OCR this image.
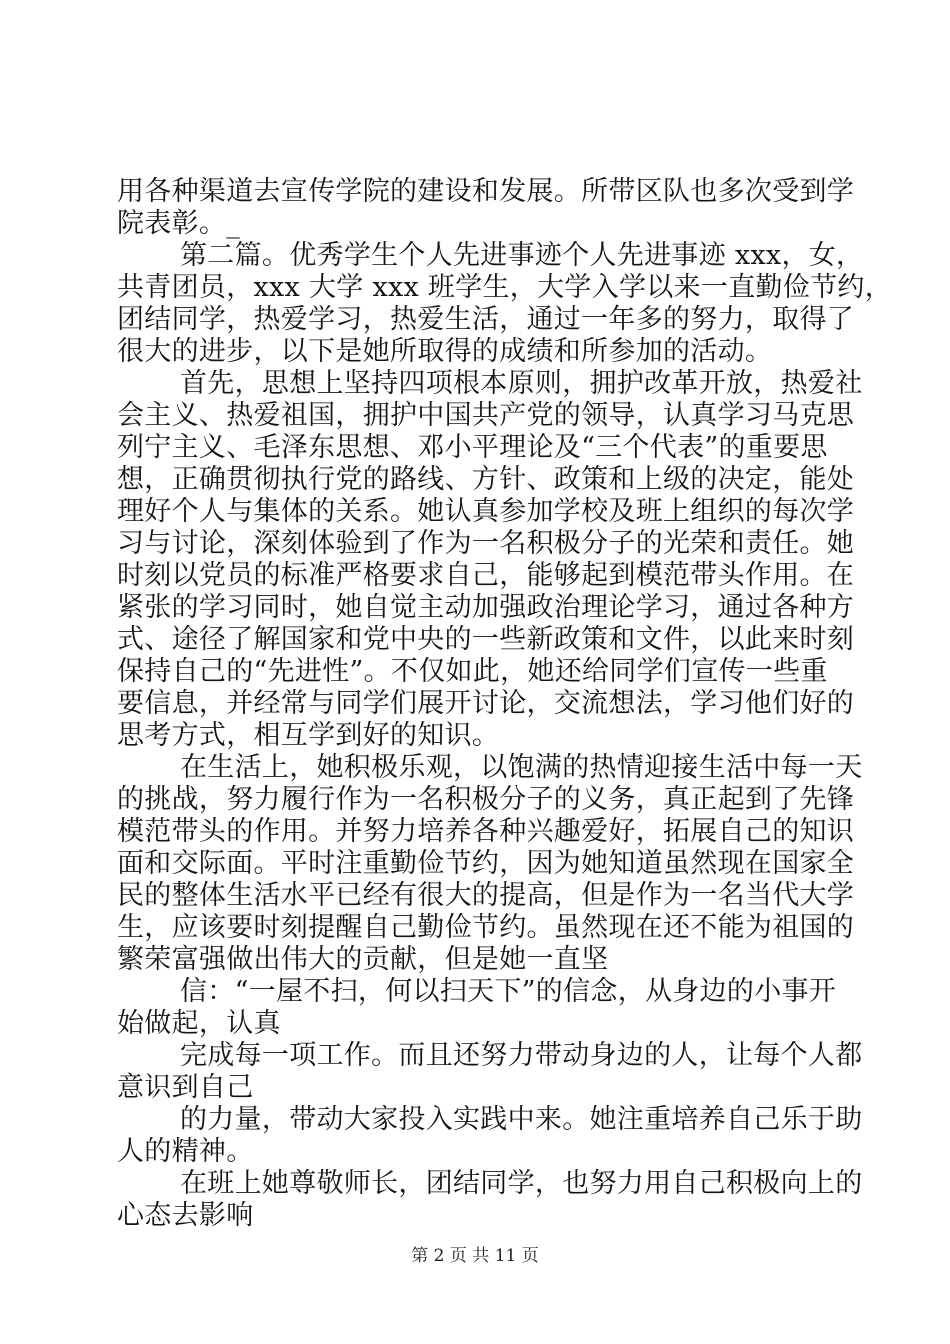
用各种渠道去宣传学院的建设和发展。所带区队也多次受到学
院表彰。_
第二篇。优秀学生个人先进事迹个人先进事迹 xxx，女，
共青团员，xxx 大学 xxx 班学生，大学入学以来一直勤俭节约，
团结同学，热爱学习，热爱生活，通过一年多的努力，取得了
很大的进步，以下是她所取得的成绩和所参加的活动。
首先，思想上坚持四项根本原则，拥护改革开放，热爱社
会主义、热爱祖国，拥护中国共产党的领导，认真学习马克思
列宁主义、毛泽东思想、邓小平理论及“三个代表”的重要思
想，正确贯彻执行党的路线、方针、政策和上级的决定，能处
理好个人与集体的关系。她认真参加学校及班上组织的每次学
习与讨论，深刻体验到了作为一名积极分子的光荣和责任。她
时刻以党员的标准严格要求自己，能够起到模范带头作用。在
紧张的学习同时，她自觉主动加强政治理论学习，通过各种方
式、途径了解国家和党中央的一些新政策和文件，以此来时刻
保持自己的“先进性”。不仅如此，她还给同学们宣传一些重
要信息，并经常与同学们展开讨论，交流想法，学习他们好的
思考方式，相互学到好的知识。
在生活上，她积极乐观，以饱满的热情迎接生活中每一天
的挑战，努力履行作为一名积极分子的义务，真正起到了先锋
模范带头的作用。并努力培养各种兴趣爱好，拓展自己的知识
面和交际面。平时注重勤俭节约，因为她知道虽然现在国家全
民的整体生活水平已经有很大的提高，但是作为一名当代大学
生，应该要时刻提醒自己勤俭节约。虽然现在还不能为祖国的
繁荣富强做出伟大的贡献，但是她一直坚
信：“一屋不扫，何以扫天下”的信念，从身边的小事开
始做起，认真
完成每一项工作。而且还努力带动身边的人，让每个人都
意识到自己
的力量，带动大家投入实践中来。她注重培养自己乐于助
人的精神。
在班上她尊敬师长，团结同学，也努力用自己积极向上的
心态去影响
第 2 页 共 11 页
